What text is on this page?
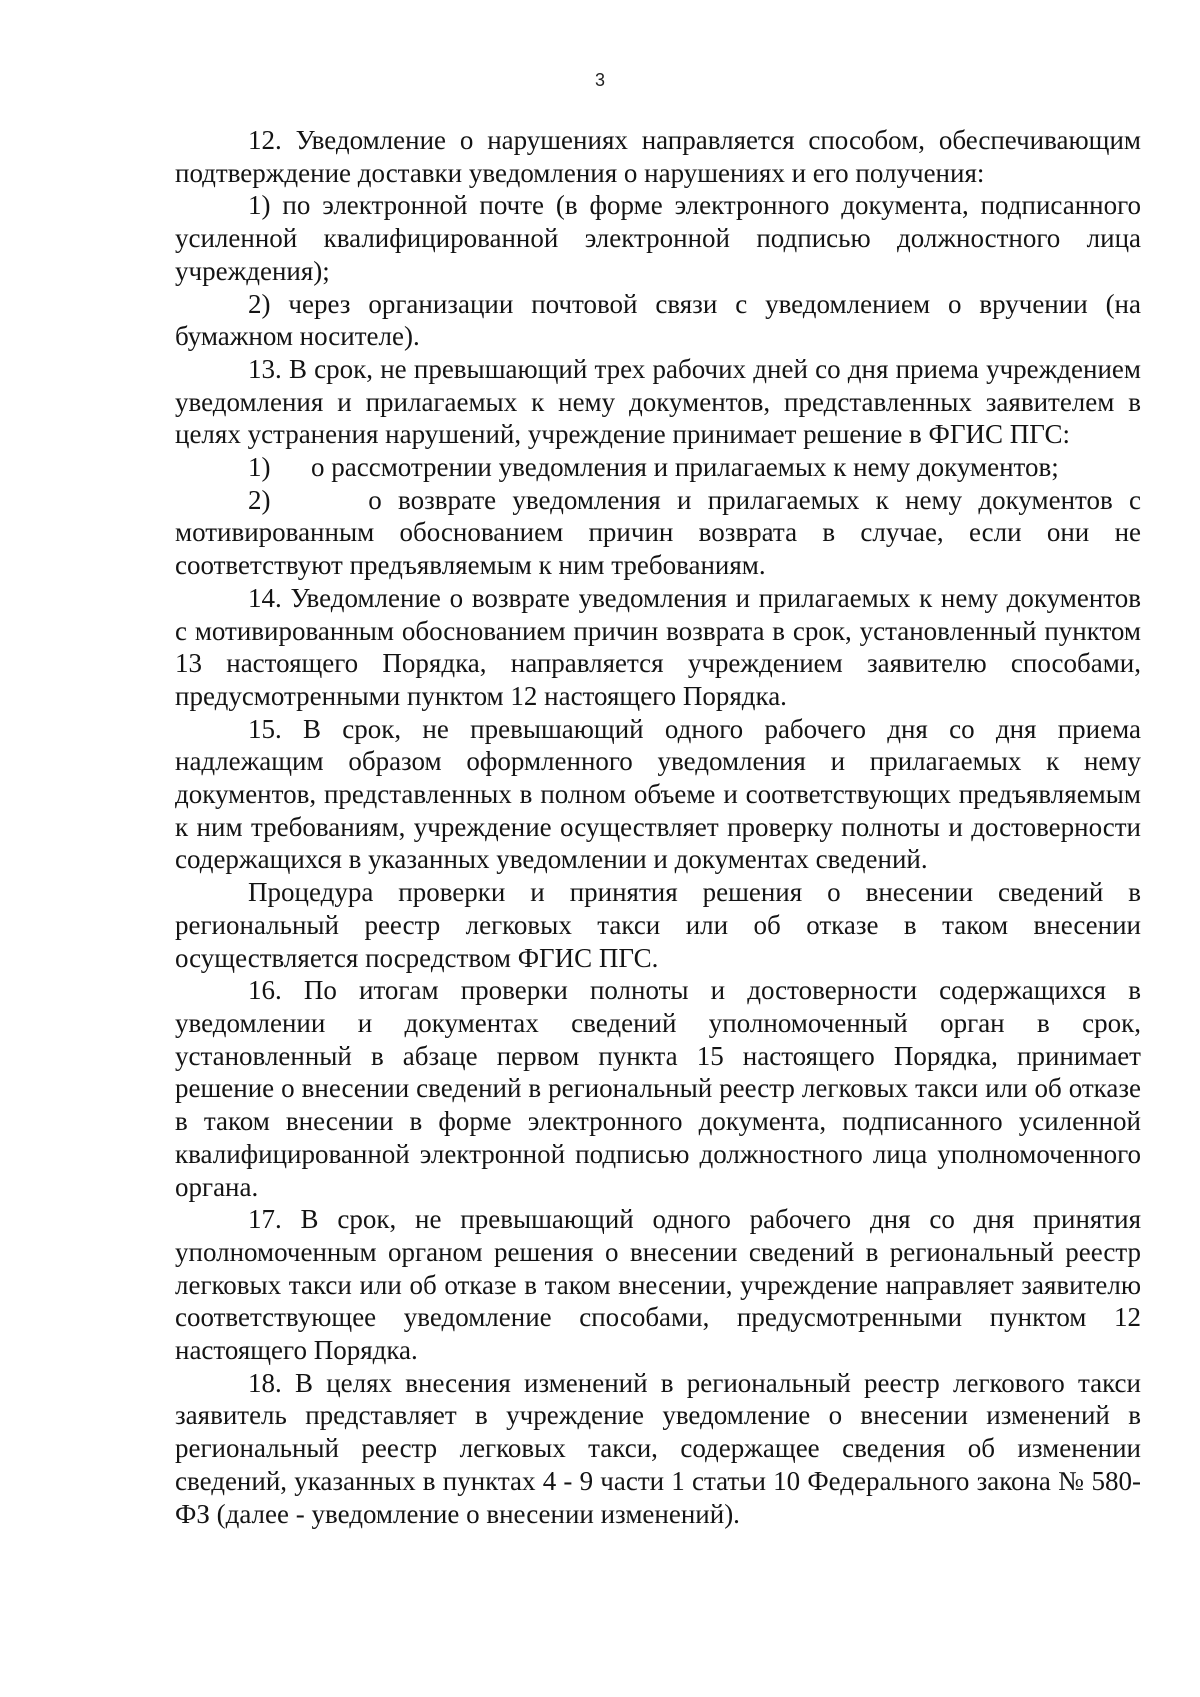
3

12. Уведомление о нарушениях направляется способом, обеспечивающим подтверждение доставки уведомления о нарушениях и его получения:

1) по электронной почте (в форме электронного документа, подписанного усиленной квалифицированной электронной подписью должностного лица учреждения);

2) через организации почтовой связи с уведомлением о вручении (на бумажном носителе).

13. В срок, не превышающий трех рабочих дней со дня приема учреждением уведомления и прилагаемых к нему документов, представленных заявителем в целях устранения нарушений, учреждение принимает решение в ФГИС ПГС:

1)      о рассмотрении уведомления и прилагаемых к нему документов;

2)      о возврате уведомления и прилагаемых к нему документов с мотивированным обоснованием причин возврата в случае, если они не соответствуют предъявляемым к ним требованиям.

14. Уведомление о возврате уведомления и прилагаемых к нему документов с мотивированным обоснованием причин возврата в срок, установленный пунктом 13 настоящего Порядка, направляется учреждением заявителю способами, предусмотренными пунктом 12 настоящего Порядка.

15. В срок, не превышающий одного рабочего дня со дня приема надлежащим образом оформленного уведомления и прилагаемых к нему документов, представленных в полном объеме и соответствующих предъявляемым к ним требованиям, учреждение осуществляет проверку полноты и достоверности содержащихся в указанных уведомлении и документах сведений.

Процедура проверки и принятия решения о внесении сведений в региональный реестр легковых такси или об отказе в таком внесении осуществляется посредством ФГИС ПГС.

16. По итогам проверки полноты и достоверности содержащихся в уведомлении и документах сведений уполномоченный орган в срок, установленный в абзаце первом пункта 15 настоящего Порядка, принимает решение о внесении сведений в региональный реестр легковых такси или об отказе в таком внесении в форме электронного документа, подписанного усиленной квалифицированной электронной подписью должностного лица уполномоченного органа.

17. В срок, не превышающий одного рабочего дня со дня принятия уполномоченным органом решения о внесении сведений в региональный реестр легковых такси или об отказе в таком внесении, учреждение направляет заявителю соответствующее уведомление способами, предусмотренными пунктом 12 настоящего Порядка.

18. В целях внесения изменений в региональный реестр легкового такси заявитель представляет в учреждение уведомление о внесении изменений в региональный реестр легковых такси, содержащее сведения об изменении сведений, указанных в пунктах 4 - 9 части 1 статьи 10 Федерального закона № 580-ФЗ (далее - уведомление о внесении изменений).
